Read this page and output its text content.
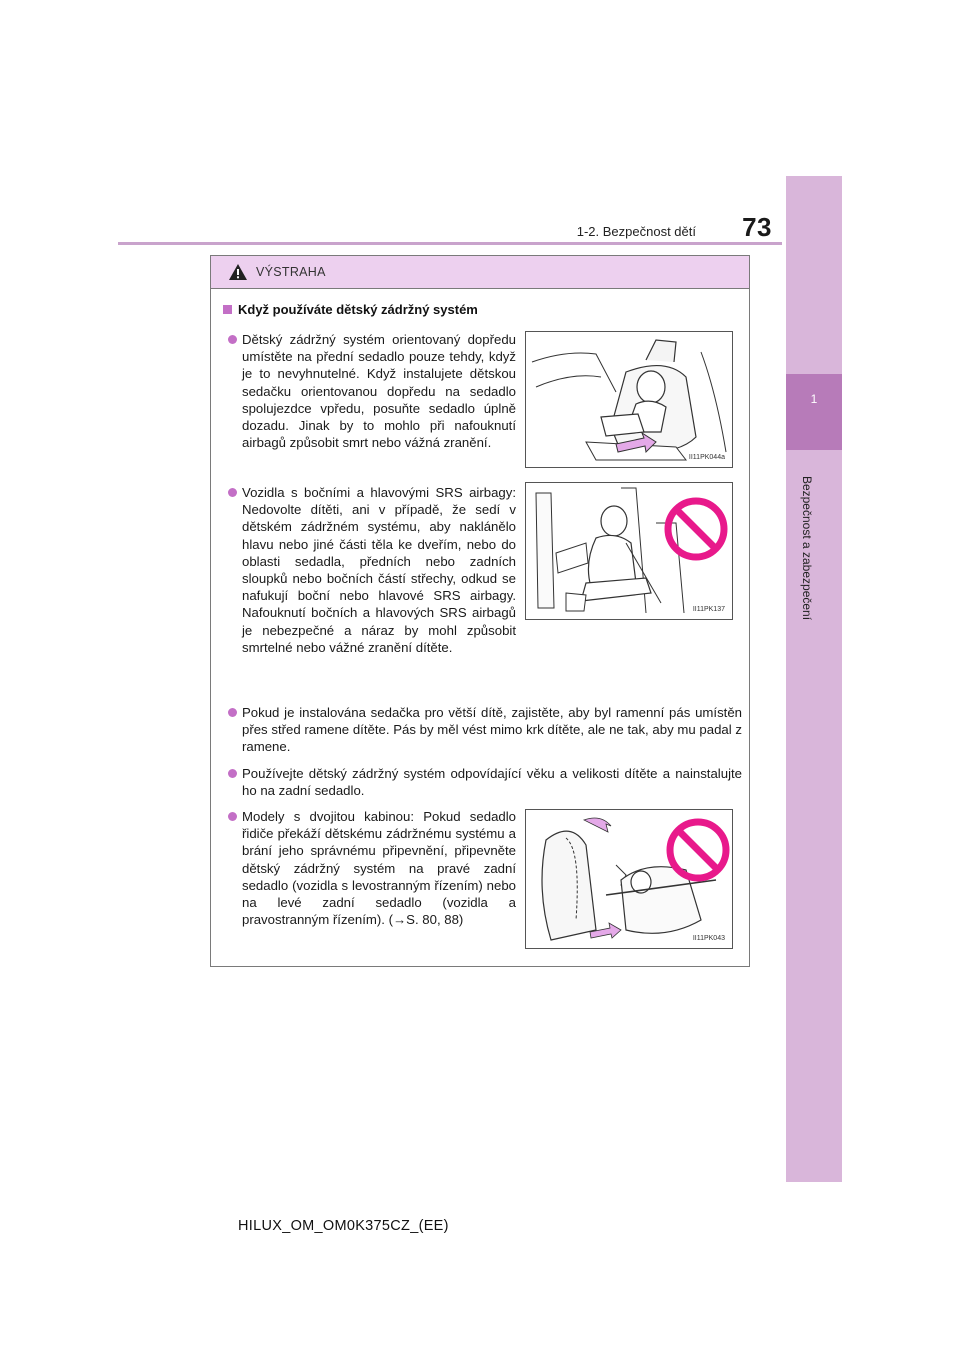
1-2. Bezpečnost dětí	73
1
Bezpečnost a zabezpečení
VÝSTRAHA
Když používáte dětský zádržný systém
Dětský zádržný systém orientovaný dopředu umístěte na přední sedadlo pouze tehdy, když je to nevyhnutelné. Když instalujete dětskou sedačku orientovanou dopředu na sedadlo spolujezdce vpředu, posuňte sedadlo úplně dozadu. Jinak by to mohlo při nafouknutí airbagů způsobit smrt nebo vážná zranění.
II11PK044a
Vozidla s bočními a hlavovými SRS airbagy: Nedovolte dítěti, ani v případě, že sedí v dětském zádržném systému, aby naklánělo hlavu nebo jiné části těla ke dveřím, nebo do oblasti sedadla, předních nebo zadních sloupků nebo bočních částí střechy, odkud se nafukují boční nebo hlavové SRS airbagy. Nafouknutí bočních a hlavových SRS airbagů je nebezpečné a náraz by mohl způsobit smrtelné nebo vážné zranění dítěte.
II11PK137
Pokud je instalována sedačka pro větší dítě, zajistěte, aby byl ramenní pás umístěn přes střed ramene dítěte. Pás by měl vést mimo krk dítěte, ale ne tak, aby mu padal z ramene.
Používejte dětský zádržný systém odpovídající věku a velikosti dítěte a nainstalujte ho na zadní sedadlo.
Modely s dvojitou kabinou: Pokud sedadlo řidiče překáží dětskému zádržnému systému a brání jeho správnému připevnění, připevněte dětský zádržný systém na pravé zadní sedadlo (vozidla s levostranným řízením) nebo na levé zadní sedadlo (vozidla a pravostranným řízením). (→S. 80, 88)
II11PK043
HILUX_OM_OM0K375CZ_(EE)
